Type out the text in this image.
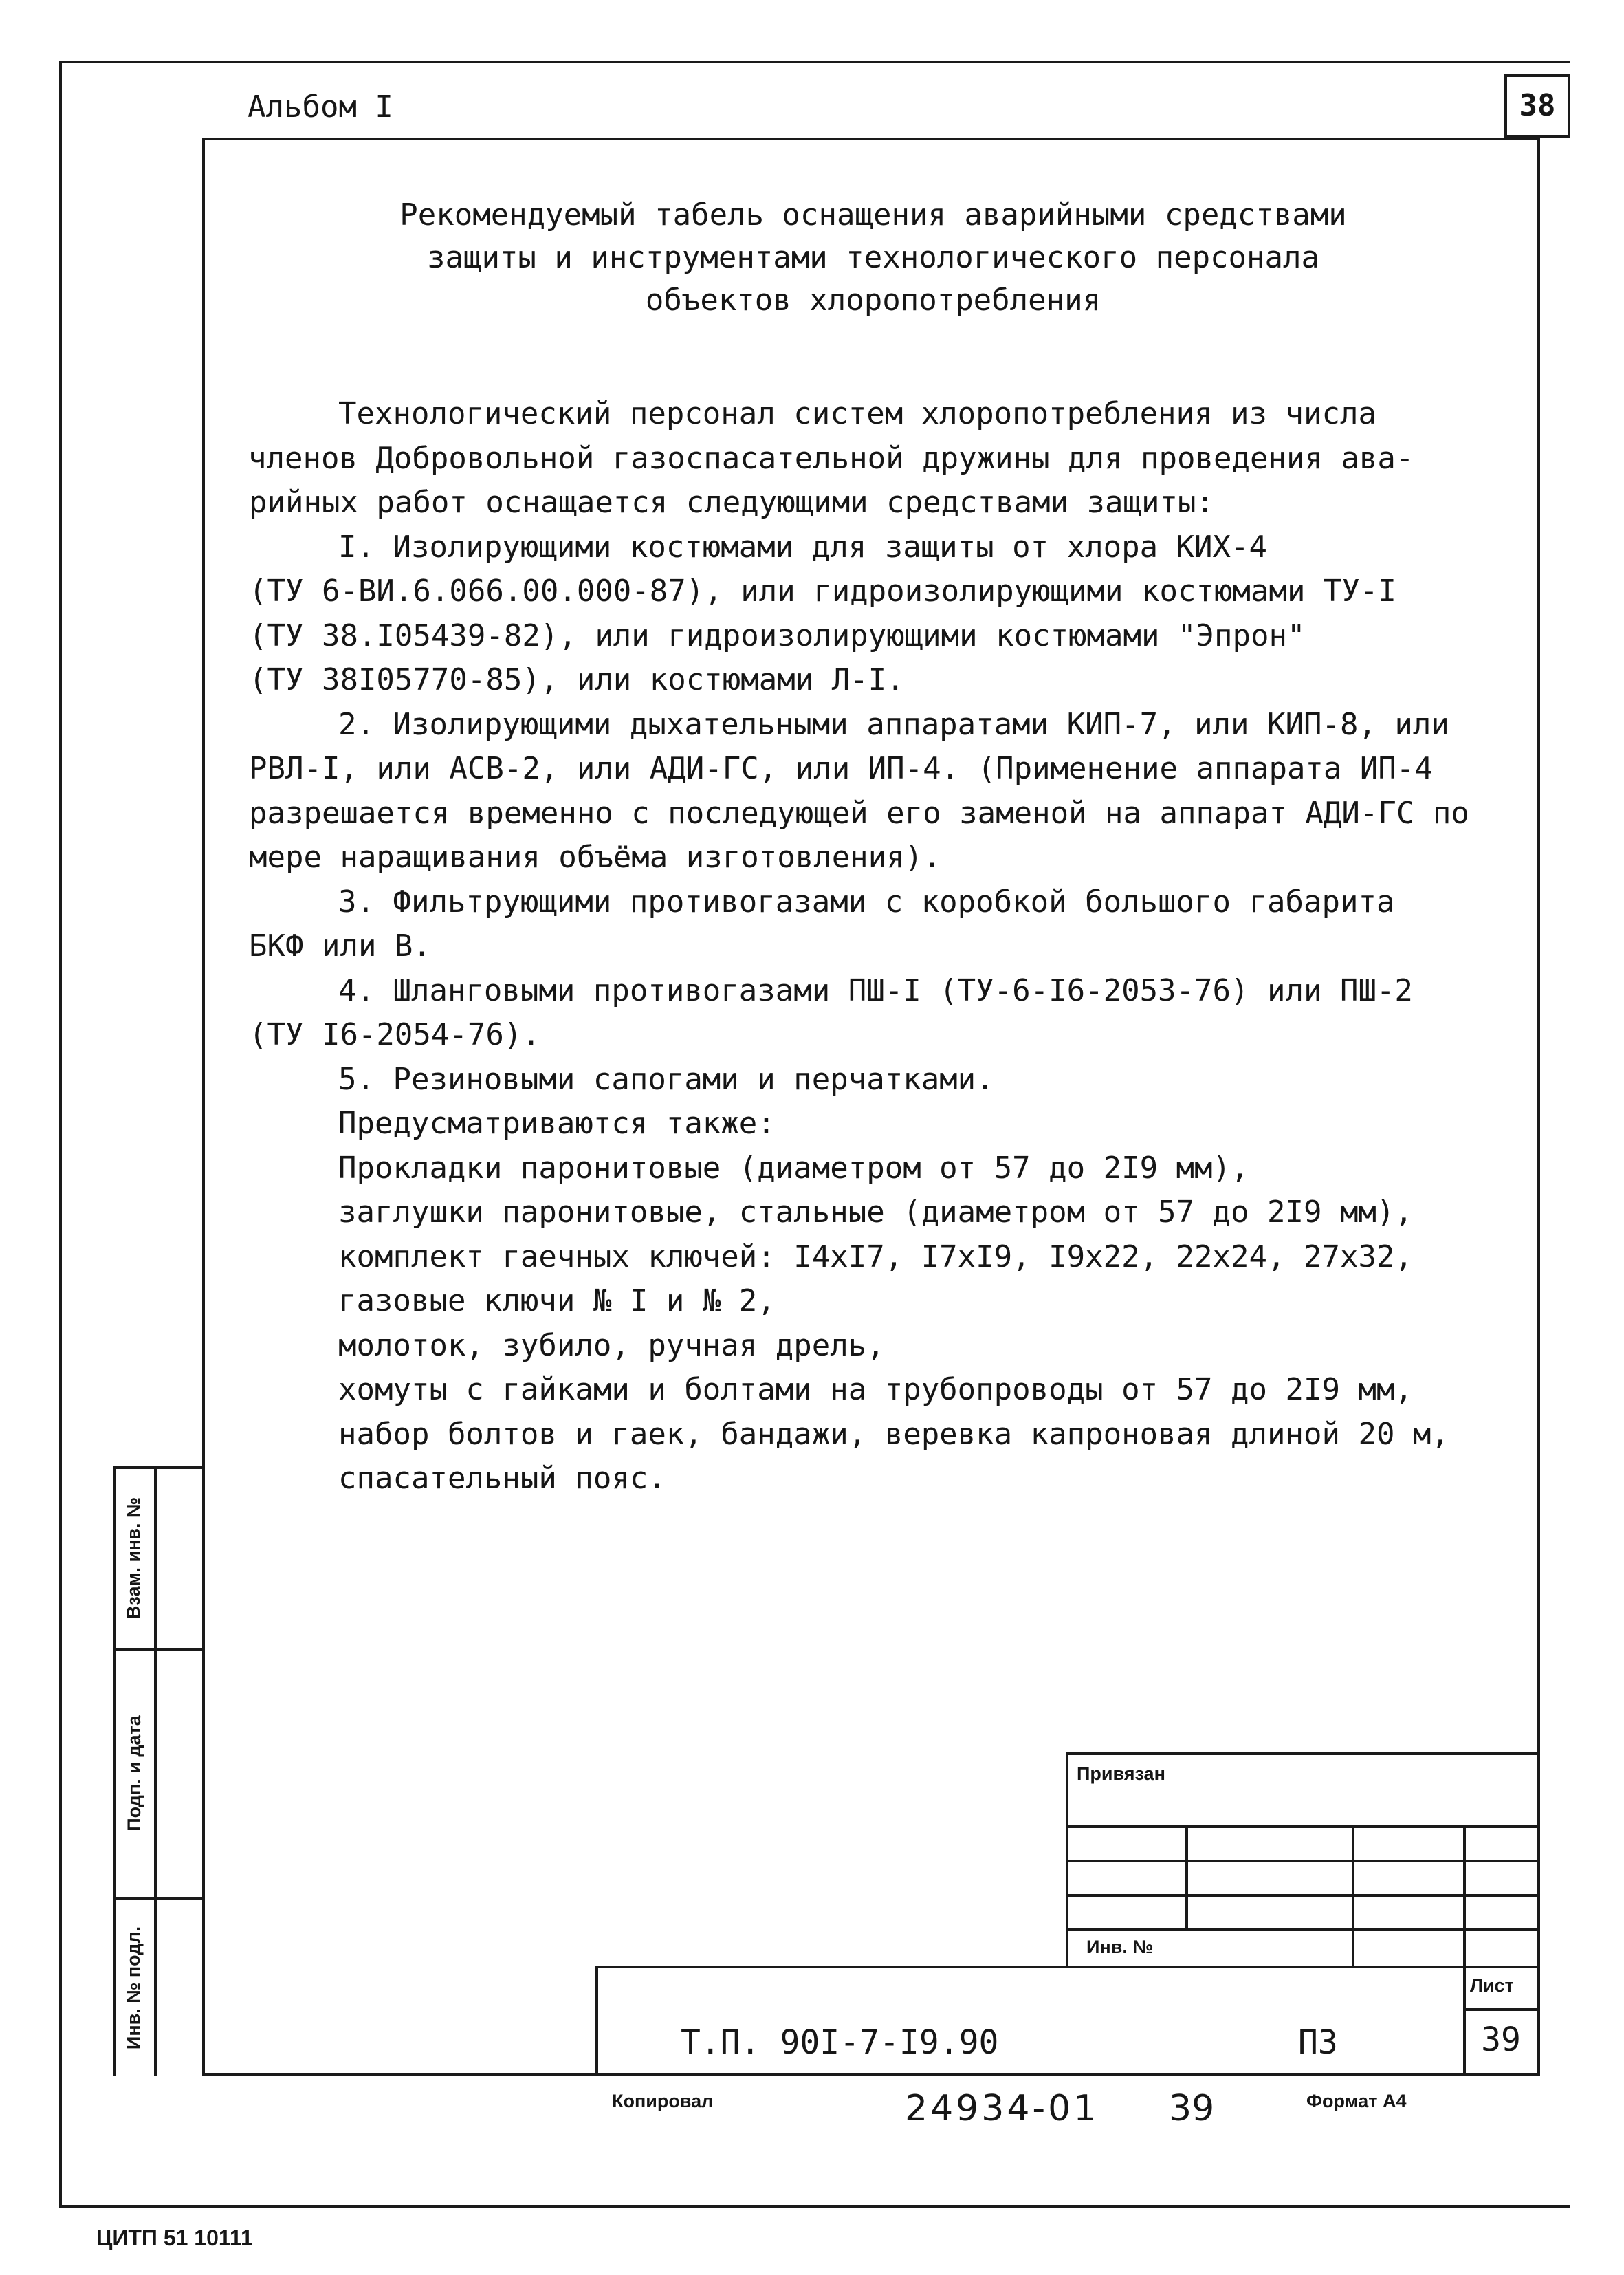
Альбом I	38
Рекомендуемый табель оснащения аварийными средствами
защиты и инструментами технологического персонала
объектов хлоропотребления
Технологический персонал систем хлоропотребления из числа
членов Добровольной газоспасательной дружины для проведения ава-
рийных работ оснащается следующими средствами защиты:
I. Изолирующими костюмами для защиты от хлора КИХ-4
(ТУ 6-ВИ.6.066.00.000-87), или гидроизолирующими костюмами ТУ-I
(ТУ 38.I05439-82), или гидроизолирующими костюмами "Эпрон"
(ТУ 38I05770-85), или костюмами Л-I.
2. Изолирующими дыхательными аппаратами КИП-7, или КИП-8, или
РВЛ-I, или АСВ-2, или АДИ-ГС, или ИП-4. (Применение аппарата ИП-4
разрешается временно с последующей его заменой на аппарат АДИ-ГС по
мере наращивания объёма изготовления).
3. Фильтрующими противогазами с коробкой большого габарита
БКФ или В.
4. Шланговыми противогазами ПШ-I (ТУ-6-I6-2053-76) или ПШ-2
(ТУ I6-2054-76).
5. Резиновыми сапогами и перчатками.
Предусматриваются также:
Прокладки паронитовые (диаметром от 57 до 2I9 мм),
заглушки паронитовые, стальные (диаметром от 57 до 2I9 мм),
комплект гаечных ключей: I4хI7, I7хI9, I9х22, 22х24, 27х32,
газовые ключи № I и № 2,
молоток, зубило, ручная дрель,
хомуты с гайками и болтами на трубопроводы от 57 до 2I9 мм,
набор болтов и гаек, бандажи, веревка капроновая длиной 20 м,
спасательный пояс.
Взам. инв. №
Подп. и дата
Инв. № подл.
Привязан
Инв. №
Лист
Т.П. 90I-7-I9.90	ПЗ	39
Копировал	24934-01 39	Формат А4
ЦИТП 51 10111
